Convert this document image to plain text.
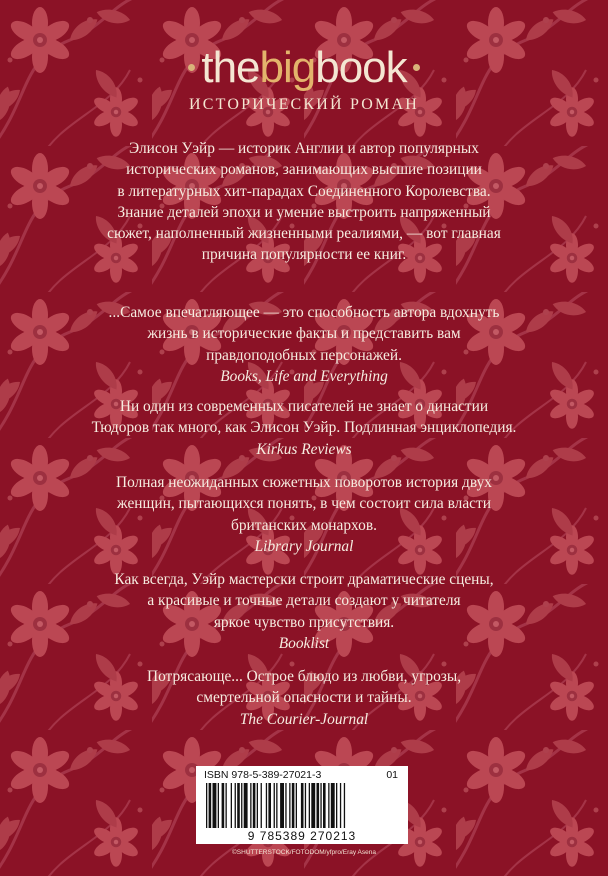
thebigbook
ИСТОРИЧЕСКИЙ РОМАН

Элисон Уэйр — историк Англии и автор популярных

исторических романов, занимающих высшие позиции

в литературных хит-парадах Соединенного Королевства.

Знание деталей эпохи и умение выстроить напряженный

сюжет, наполненный жизненными реалиями, — вот главная

причина популярности ее книг.

...Самое впечатляющее — это способность автора вдохнуть

жизнь в исторические факты и представить вам

правдоподобных персонажей.

Books, Life and Everything

Ни один из современных писателей не знает о династии

Тюдоров так много, как Элисон Уэйр. Подлинная энциклопедия.

Kirkus Reviews

Полная неожиданных сюжетных поворотов история двух

женщин, пытающихся понять, в чем состоит сила власти

британских монархов.

Library Journal

Как всегда, Уэйр мастерски строит драматические сцены,

а красивые и точные детали создают у читателя

яркое чувство присутствия.

Booklist

Потрясающе... Острое блюдо из любви, угрозы,

смертельной опасности и тайны.

The Courier-Journal

ISBN 978-5-389-27021-3	01
9 785389 270213
©SHUTTERSTOCK/FOTODOM/yfpro/Eray Asena
